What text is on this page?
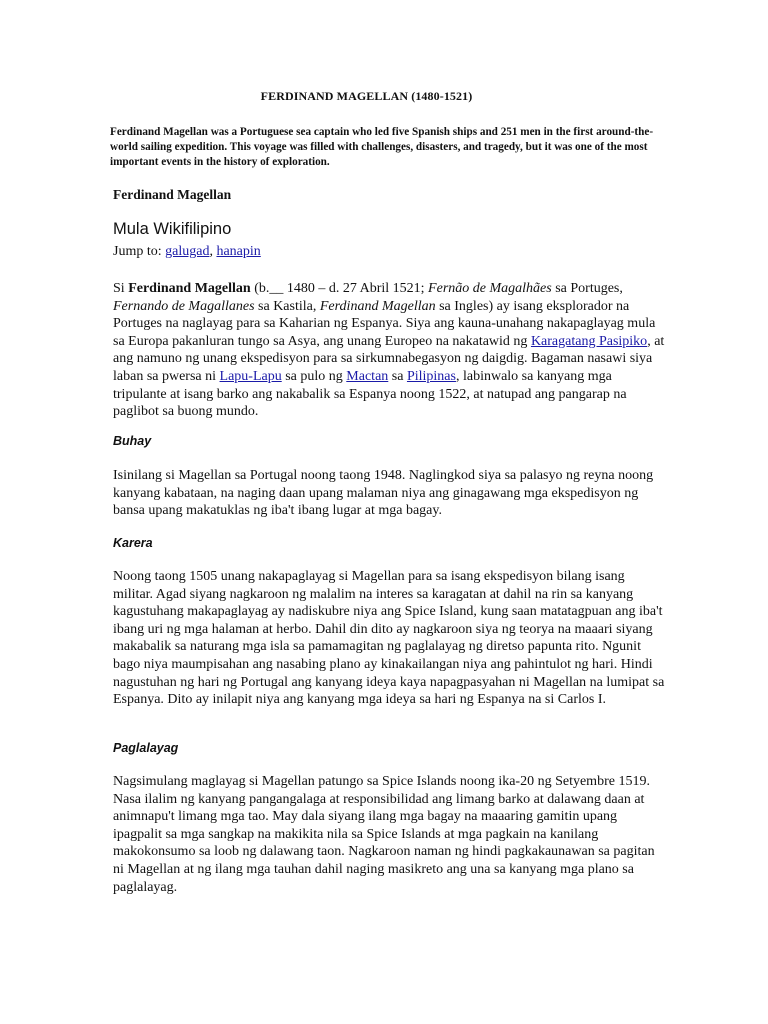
FERDINAND MAGELLAN (1480-1521)
Ferdinand Magellan was a Portuguese sea captain who led five Spanish ships and 251 men in the first around-the-world sailing expedition. This voyage was filled with challenges, disasters, and tragedy, but it was one of the most important events in the history of exploration.
Ferdinand Magellan
Mula Wikifilipino
Jump to: galugad, hanapin
Si Ferdinand Magellan (b.__ 1480 – d. 27 Abril 1521; Fernão de Magalhães sa Portuges, Fernando de Magallanes sa Kastila, Ferdinand Magellan sa Ingles) ay isang eksplorador na Portuges na naglayag para sa Kaharian ng Espanya. Siya ang kauna-unahang nakapaglayag mula sa Europa pakanluran tungo sa Asya, ang unang Europeo na nakatawid ng Karagatang Pasipiko, at ang namuno ng unang ekspedisyon para sa sirkumnabegasyon ng daigdig. Bagaman nasawi siya laban sa pwersa ni Lapu-Lapu sa pulo ng Mactan sa Pilipinas, labinwalo sa kanyang mga tripulante at isang barko ang nakabalik sa Espanya noong 1522, at natupad ang pangarap na paglibot sa buong mundo.
Buhay
Isinilang si Magellan sa Portugal noong taong 1948. Naglingkod siya sa palasyo ng reyna noong kanyang kabataan, na naging daan upang malaman niya ang ginagawang mga ekspedisyon ng bansa upang makatuklas ng iba't ibang lugar at mga bagay.
Karera
Noong taong 1505 unang nakapaglayag si Magellan para sa isang ekspedisyon bilang isang militar. Agad siyang nagkaroon ng malalim na interes sa karagatan at dahil na rin sa kanyang kagustuhang makapaglayag ay nadiskubre niya ang Spice Island, kung saan matatagpuan ang iba't ibang uri ng mga halaman at herbo. Dahil din dito ay nagkaroon siya ng teorya na maaari siyang makabalik sa naturang mga isla sa pamamagitan ng paglalayag ng diretso papunta rito. Ngunit bago niya maumpisahan ang nasabing plano ay kinakailangan niya ang pahintulot ng hari. Hindi nagustuhan ng hari ng Portugal ang kanyang ideya kaya napagpasyahan ni Magellan na lumipat sa Espanya. Dito ay inilapit niya ang kanyang mga ideya sa hari ng Espanya na si Carlos I.
Paglalayag
Nagsimulang maglayag si Magellan patungo sa Spice Islands noong ika-20 ng Setyembre 1519. Nasa ilalim ng kanyang pangangalaga at responsibilidad ang limang barko at dalawang daan at animnapu't limang mga tao. May dala siyang ilang mga bagay na maaaring gamitin upang ipagpalit sa mga sangkap na makikita nila sa Spice Islands at mga pagkain na kanilang makokonsumo sa loob ng dalawang taon. Nagkaroon naman ng hindi pagkakaunawan sa pagitan ni Magellan at ng ilang mga tauhan dahil naging masikreto ang una sa kanyang mga plano sa paglalayag.
